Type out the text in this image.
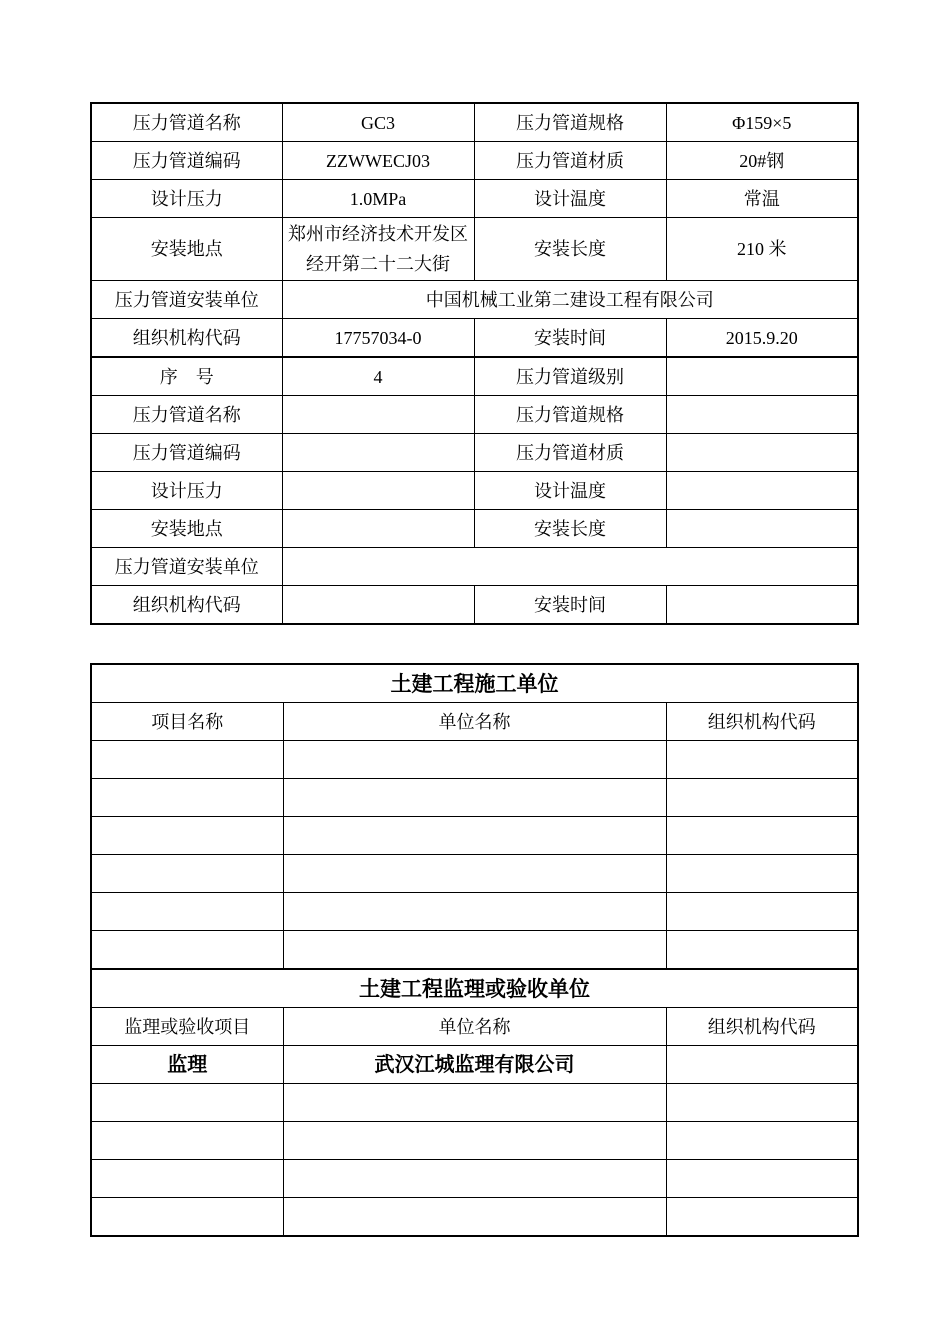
压力管道名称	GC3	压力管道规格	Φ159×5
压力管道编码	ZZWWECJ03	压力管道材质	20#钢
设计压力	1.0MPa	设计温度	常温
安装地点	郑州市经济技术开发区经开第二十二大街	安装长度	210 米
压力管道安装单位	中国机械工业第二建设工程有限公司		
组织机构代码	17757034-0	安装时间	2015.9.20
序　号	4	压力管道级别	
压力管道名称		压力管道规格	
压力管道编码		压力管道材质	
设计压力		设计温度	
安装地点		安装长度	
压力管道安装单位			
组织机构代码		安装时间	
土建工程施工单位		
项目名称	单位名称	组织机构代码

土建工程监理或验收单位		
监理或验收项目	单位名称	组织机构代码
监理	武汉江城监理有限公司	
